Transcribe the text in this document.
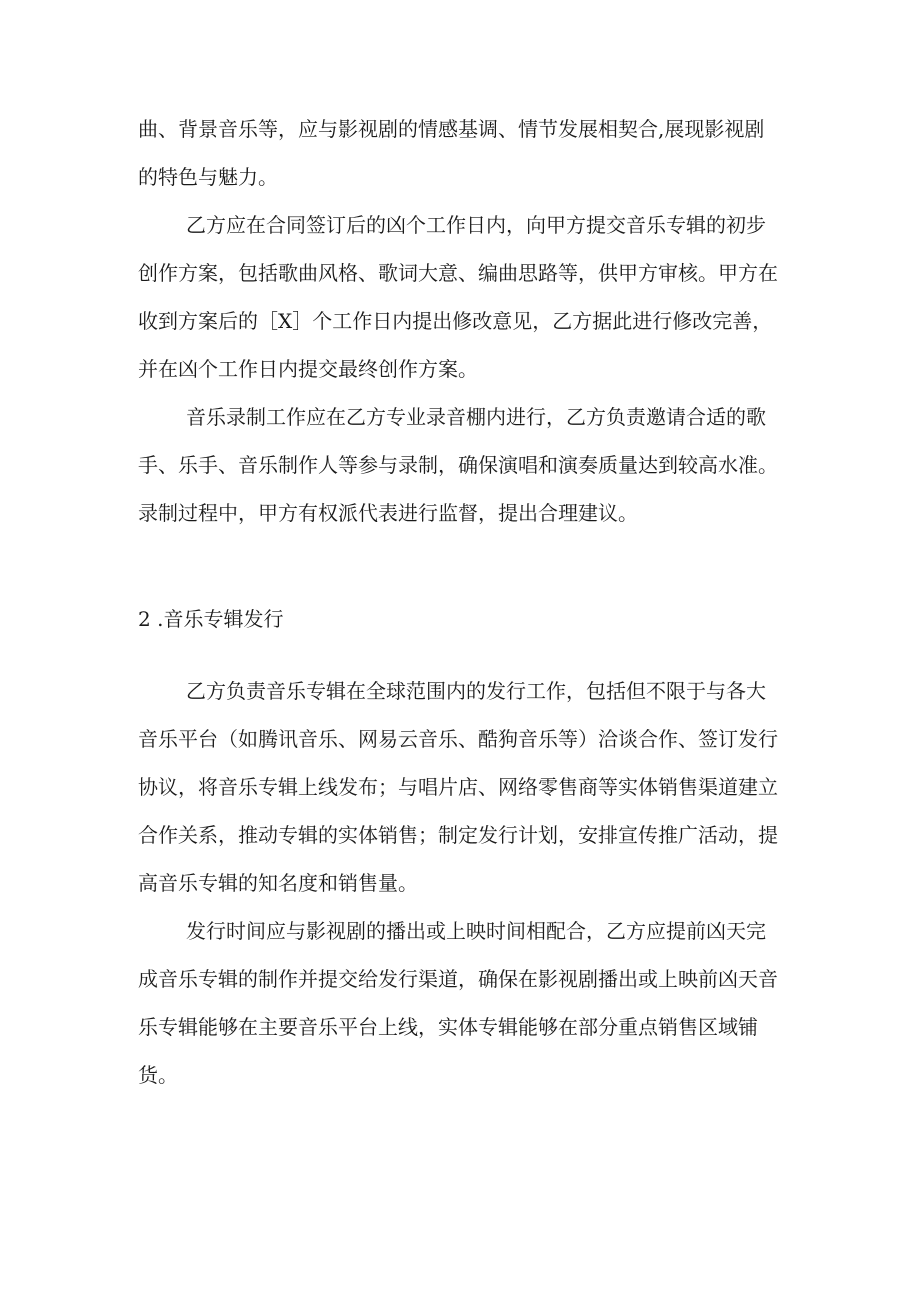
曲、背景音乐等，应与影视剧的情感基调、情节发展相契合,展现影视剧
的特色与魅力。
乙方应在合同签订后的凶个工作日内，向甲方提交音乐专辑的初步
创作方案，包括歌曲风格、歌词大意、编曲思路等，供甲方审核。甲方在
收到方案后的［X］个工作日内提出修改意见，乙方据此进行修改完善，
并在凶个工作日内提交最终创作方案。
音乐录制工作应在乙方专业录音棚内进行，乙方负责邀请合适的歌
手、乐手、音乐制作人等参与录制，确保演唱和演奏质量达到较高水准。
录制过程中，甲方有权派代表进行监督，提出合理建议。
2 .音乐专辑发行
乙方负责音乐专辑在全球范围内的发行工作，包括但不限于与各大
音乐平台（如腾讯音乐、网易云音乐、酷狗音乐等）洽谈合作、签订发行
协议，将音乐专辑上线发布；与唱片店、网络零售商等实体销售渠道建立
合作关系，推动专辑的实体销售；制定发行计划，安排宣传推广活动，提
高音乐专辑的知名度和销售量。
发行时间应与影视剧的播出或上映时间相配合，乙方应提前凶天完
成音乐专辑的制作并提交给发行渠道，确保在影视剧播出或上映前凶天音
乐专辑能够在主要音乐平台上线，实体专辑能够在部分重点销售区域铺
货。
